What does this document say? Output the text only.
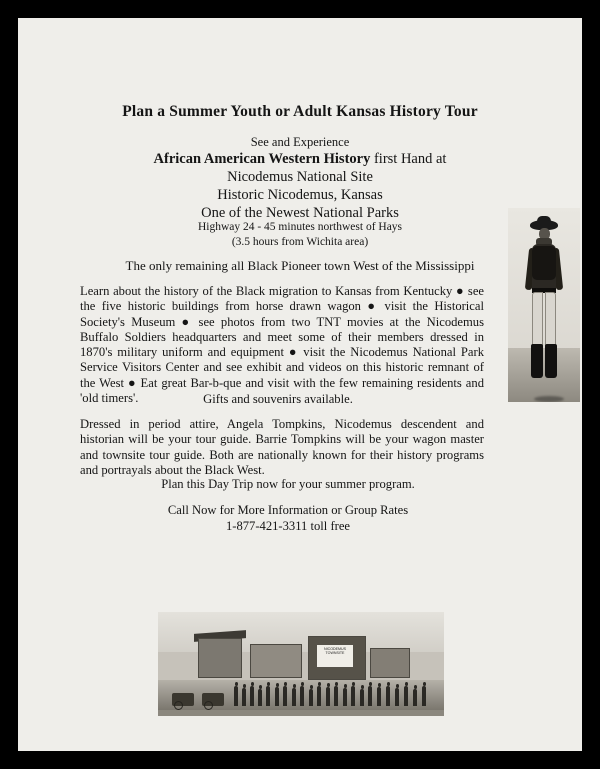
Plan a Summer Youth or Adult Kansas History Tour
See and Experience
African American Western History first Hand at
Nicodemus National Site
Historic Nicodemus, Kansas
One of the Newest National Parks
Highway 24 - 45 minutes northwest of Hays
(3.5 hours from Wichita area)
The only remaining all Black Pioneer town West of the Mississippi
Learn about the history of the Black migration to Kansas from Kentucky ● see the five historic buildings from horse drawn wagon ● visit the Historical Society's Museum ● see photos from two TNT movies at the Nicodemus Buffalo Soldiers headquarters and meet some of their members dressed in 1870's military uniform and equipment ● visit the Nicodemus National Park Service Visitors Center and see exhibit and videos on this historic remnant of the West ● Eat great Bar-b-que and visit with the few remaining residents and 'old timers'.	Gifts and souvenirs available.
Dressed in period attire, Angela Tompkins, Nicodemus descendent and historian will be your tour guide. Barrie Tompkins will be your wagon master and townsite tour guide. Both are nationally known for their history programs and portrayals about the Black West.
Plan this Day Trip now for your summer program.
Call Now for More Information or Group Rates
1-877-421-3311 toll free
NICODEMUS TOWNSITE
